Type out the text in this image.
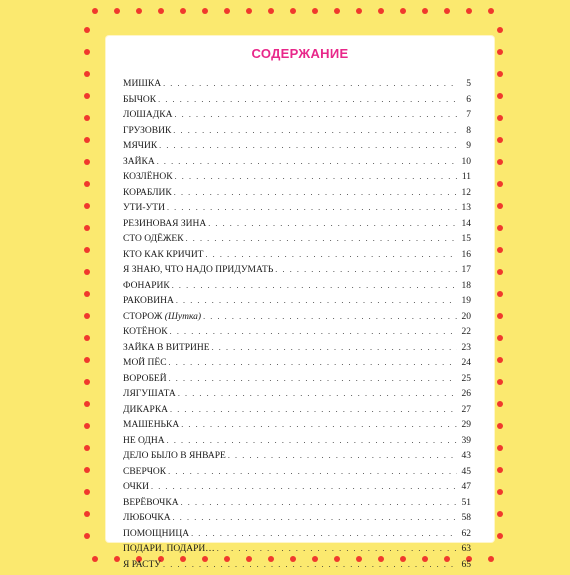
СОДЕРЖАНИЕ
МИШКА . . .	5
БЫЧОК . . .	6
ЛОШАДКА . . .	7
ГРУЗОВИК . . .	8
МЯЧИК . . .	9
ЗАЙКА . . .	10
КОЗЛЁНОК . . .	11
КОРАБЛИК . . .	12
УТИ-УТИ . . .	13
РЕЗИНОВАЯ ЗИНА . . .	14
СТО ОДЁЖЕК . . .	15
КТО КАК КРИЧИТ . . .	16
Я ЗНАЮ, ЧТО НАДО ПРИДУМАТЬ . . .	17
ФОНАРИК . . .	18
РАКОВИНА . . .	19
СТОРОЖ (Шутка) . . .	20
КОТЁНОК . . .	22
ЗАЙКА В ВИТРИНЕ . . .	23
МОЙ ПЁС . . .	24
ВОРОБЕЙ . . .	25
ЛЯГУШАТА . . .	26
ДИКАРКА . . .	27
МАШЕНЬКА . . .	29
НЕ ОДНА . . .	39
ДЕЛО БЫЛО В ЯНВАРЕ . . .	43
СВЕРЧОК . . .	45
ОЧКИ . . .	47
ВЕРЁВОЧКА . . .	51
ЛЮБОЧКА . . .	58
ПОМОЩНИЦА . . .	62
ПОДАРИ, ПОДАРИ… . . .	63
Я РАСТУ . . .	65
